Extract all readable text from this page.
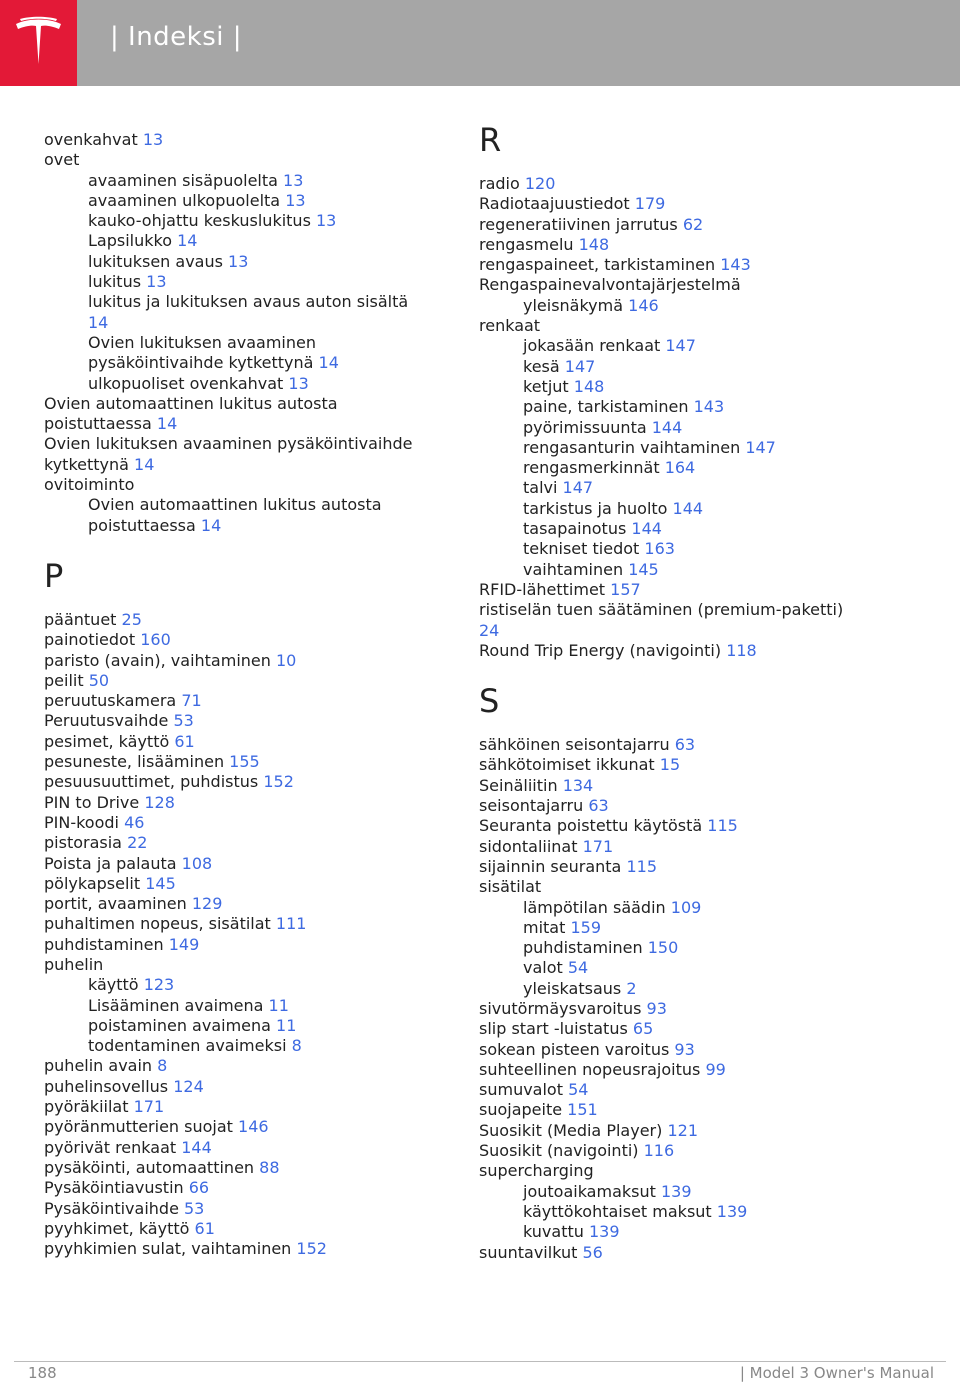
| Indeksi |
ovenkahvat 13
ovet
avaaminen sisäpuolelta 13
avaaminen ulkopuolelta 13
kauko-ohjattu keskuslukitus 13
Lapsilukko 14
lukituksen avaus 13
lukitus 13
lukitus ja lukituksen avaus auton sisältä
14
Ovien lukituksen avaaminen
pysäköintivaihde kytkettynä 14
ulkopuoliset ovenkahvat 13
Ovien automaattinen lukitus autosta
poistuttaessa 14
Ovien lukituksen avaaminen pysäköintivaihde
kytkettynä 14
ovitoiminto
Ovien automaattinen lukitus autosta
poistuttaessa 14
P
pääntuet 25
painotiedot 160
paristo (avain), vaihtaminen 10
peilit 50
peruutuskamera 71
Peruutusvaihde 53
pesimet, käyttö 61
pesuneste, lisääminen 155
pesuusuuttimet, puhdistus 152
PIN to Drive 128
PIN-koodi 46
pistorasia 22
Poista ja palauta 108
pölykapselit 145
portit, avaaminen 129
puhaltimen nopeus, sisätilat 111
puhdistaminen 149
puhelin
käyttö 123
Lisääminen avaimena 11
poistaminen avaimena 11
todentaminen avaimeksi 8
puhelin avain 8
puhelinsovellus 124
pyöräkiilat 171
pyöränmutterien suojat 146
pyörivät renkaat 144
pysäköinti, automaattinen 88
Pysäköintiavustin 66
Pysäköintivaihde 53
pyyhkimet, käyttö 61
pyyhkimien sulat, vaihtaminen 152
R
radio 120
Radiotaajuustiedot 179
regeneratiivinen jarrutus 62
rengasmelu 148
rengaspaineet, tarkistaminen 143
Rengaspainevalvontajärjestelmä
yleisnäkymä 146
renkaat
jokasään renkaat 147
kesä 147
ketjut 148
paine, tarkistaminen 143
pyörimissuunta 144
rengasanturin vaihtaminen 147
rengasmerkinnät 164
talvi 147
tarkistus ja huolto 144
tasapainotus 144
tekniset tiedot 163
vaihtaminen 145
RFID-lähettimet 157
ristiselän tuen säätäminen (premium-paketti)
24
Round Trip Energy (navigointi) 118
S
sähköinen seisontajarru 63
sähkötoimiset ikkunat 15
Seinäliitin 134
seisontajarru 63
Seuranta poistettu käytöstä 115
sidontaliinat 171
sijainnin seuranta 115
sisätilat
lämpötilan säädin 109
mitat 159
puhdistaminen 150
valot 54
yleiskatsaus 2
sivutörmäysvaroitus 93
slip start -luistatus 65
sokean pisteen varoitus 93
suhteellinen nopeusrajoitus 99
sumuvalot 54
suojapeite 151
Suosikit (Media Player) 121
Suosikit (navigointi) 116
supercharging
joutoaikamaksut 139
käyttökohtaiset maksut 139
kuvattu 139
suuntavilkut 56
188	| Model 3 Owner's Manual
